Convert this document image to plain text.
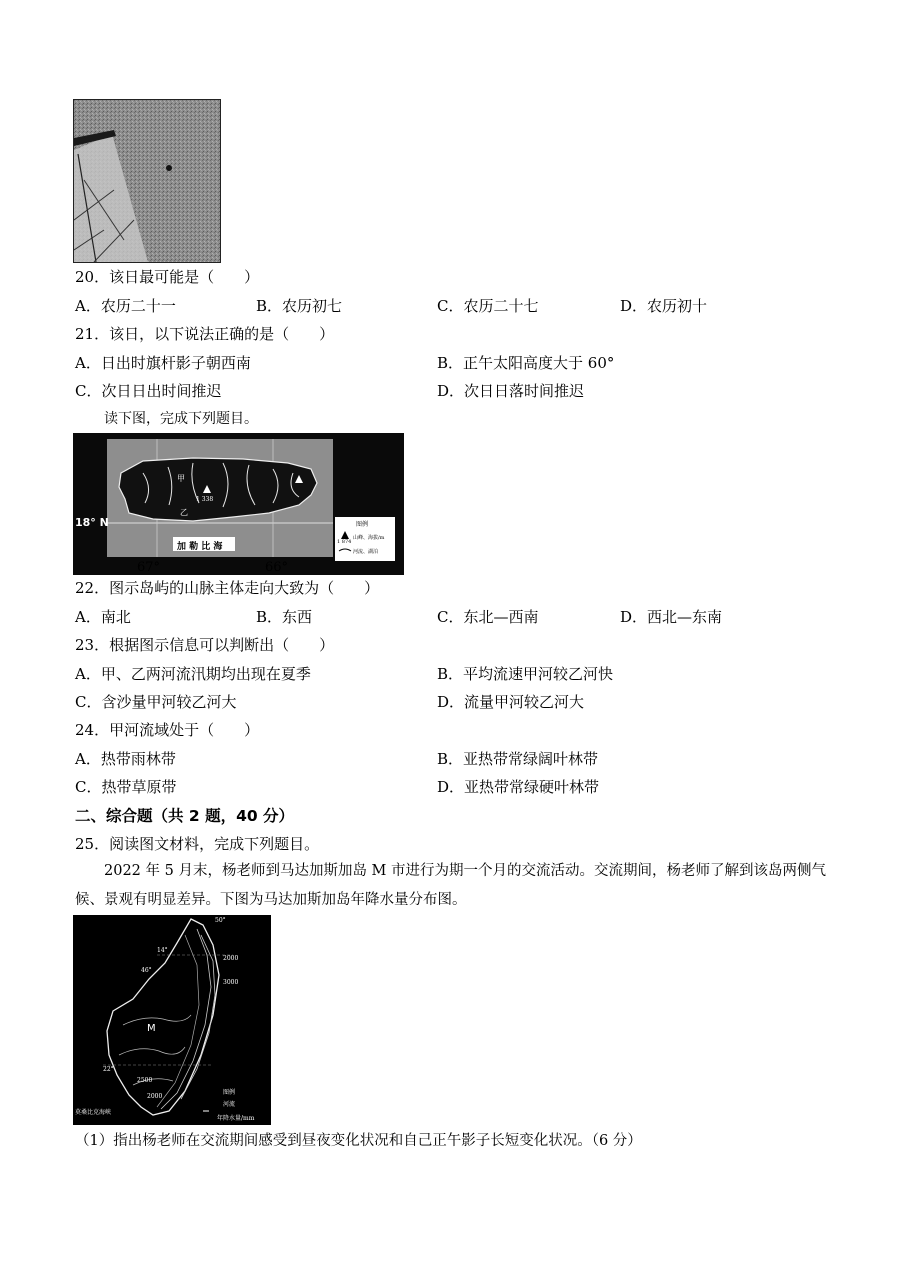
20．该日最可能是（　　）
A．农历二十一	B．农历初七	C．农历二十七	D．农历初十
21．该日，以下说法正确的是（　　）
A．日出时旗杆影子朝西南	B．正午太阳高度大于 60°
C．次日日出时间推迟	D．次日日落时间推迟
读下图，完成下列题目。
加 勒 比 海
18° N
1 338
甲
乙
图例
1 874
山峰、海拔/m
河流、湖泊
67°	66°
22．图示岛屿的山脉主体走向大致为（　　）
A．南北	B．东西	C．东北—西南	D．西北—东南
23．根据图示信息可以判断出（　　）
A．甲、乙两河流汛期均出现在夏季	B．平均流速甲河较乙河快
C．含沙量甲河较乙河大	D．流量甲河较乙河大
24．甲河流域处于（　　）
A．热带雨林带	B．亚热带常绿阔叶林带
C．热带草原带	D．亚热带常绿硬叶林带
二、综合题（共 2 题，40 分）
25．阅读图文材料，完成下列题目。
2022 年 5 月末，杨老师到马达加斯加岛 M 市进行为期一个月的交流活动。交流期间，杨老师了解到该岛两侧气候、景观有明显差异。下图为马达加斯加岛年降水量分布图。
M
莫桑比克海峡
14°
22°
46°
50°
2000
3000
2500
2000
图例
河流
年降水量/mm
（1）指出杨老师在交流期间感受到昼夜变化状况和自己正午影子长短变化状况。（6 分）
